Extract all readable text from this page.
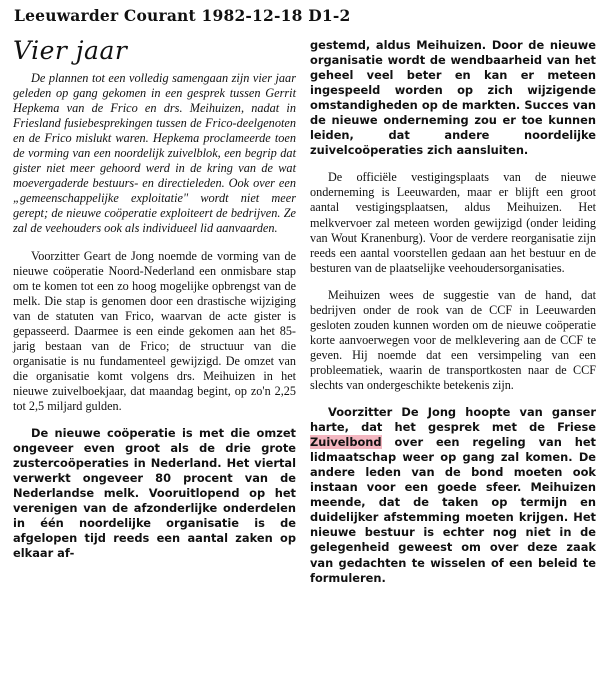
Leeuwarder Courant 1982-12-18 D1-2
Vier jaar

De plannen tot een volledig samengaan zijn vier jaar geleden op gang gekomen in een gesprek tussen Gerrit Hepkema van de Frico en drs. Meihuizen, nadat in Friesland fusiebesprekingen tussen de Frico-deelgenoten en de Frico mislukt waren. Hepkema proclameerde toen de vorming van een noordelijk zuivelblok, een begrip dat gister niet meer gehoord werd in de kring van de wat moevergaderde bestuurs- en directieleden. Ook over een „gemeenschappelijke exploitatie" wordt niet meer gerept; de nieuwe coöperatie exploiteert de bedrijven. Ze zal de veehouders ook als individueel lid aanvaarden.

Voorzitter Geart de Jong noemde de vorming van de nieuwe coöperatie Noord-Nederland een onmisbare stap om te komen tot een zo hoog mogelijke opbrengst van de melk. Die stap is genomen door een drastische wijziging van de statuten van Frico, waarvan de acte gister is gepasseerd. Daarmee is een einde gekomen aan het 85-jarig bestaan van de Frico; de structuur van die organisatie is nu fundamenteel gewijzigd. De omzet van die organisatie komt volgens drs. Meihuizen in het nieuwe zuivelboekjaar, dat maandag begint, op zo'n 2,25 tot 2,5 miljard gulden.

De nieuwe coöperatie is met die omzet ongeveer even groot als de drie grote zustercoöperaties in Nederland. Het viertal verwerkt ongeveer 80 procent van de Nederlandse melk. Vooruitlopend op het verenigen van de afzonderlijke onderdelen in één noordelijke organisatie is de afgelopen tijd reeds een aantal zaken op elkaar af-

gestemd, aldus Meihuizen. Door de nieuwe organisatie wordt de wendbaarheid van het geheel veel beter en kan er meteen ingespeeld worden op zich wijzigende omstandigheden op de markten. Succes van de nieuwe onderneming zou er toe kunnen leiden, dat andere noordelijke zuivelcoöperaties zich aansluiten.

De officiële vestigingsplaats van de nieuwe onderneming is Leeuwarden, maar er blijft een groot aantal vestigingsplaatsen, aldus Meihuizen. Het melkvervoer zal meteen worden gewijzigd (onder leiding van Wout Kranenburg). Voor de verdere reorganisatie zijn reeds een aantal voorstellen gedaan aan het bestuur en de besturen van de plaatselijke veehoudersorganisaties.

Meihuizen wees de suggestie van de hand, dat bedrijven onder de rook van de CCF in Leeuwarden gesloten zouden kunnen worden om de nieuwe coöperatie korte aanvoerwegen voor de melklevering aan de CCF te geven. Hij noemde dat een versimpeling van een probleematiek, waarin de transportkosten naar de CCF slechts van ondergeschikte betekenis zijn.

Voorzitter De Jong hoopte van ganser harte, dat het gesprek met de Friese Zuivelbond over een regeling van het lidmaatschap weer op gang zal komen. De andere leden van de bond moeten ook instaan voor een goede sfeer. Meihuizen meende, dat de taken op termijn en duidelijker afstemming moeten krijgen. Het nieuwe bestuur is echter nog niet in de gelegenheid geweest om over deze zaak van gedachten te wisselen of een beleid te formuleren.
